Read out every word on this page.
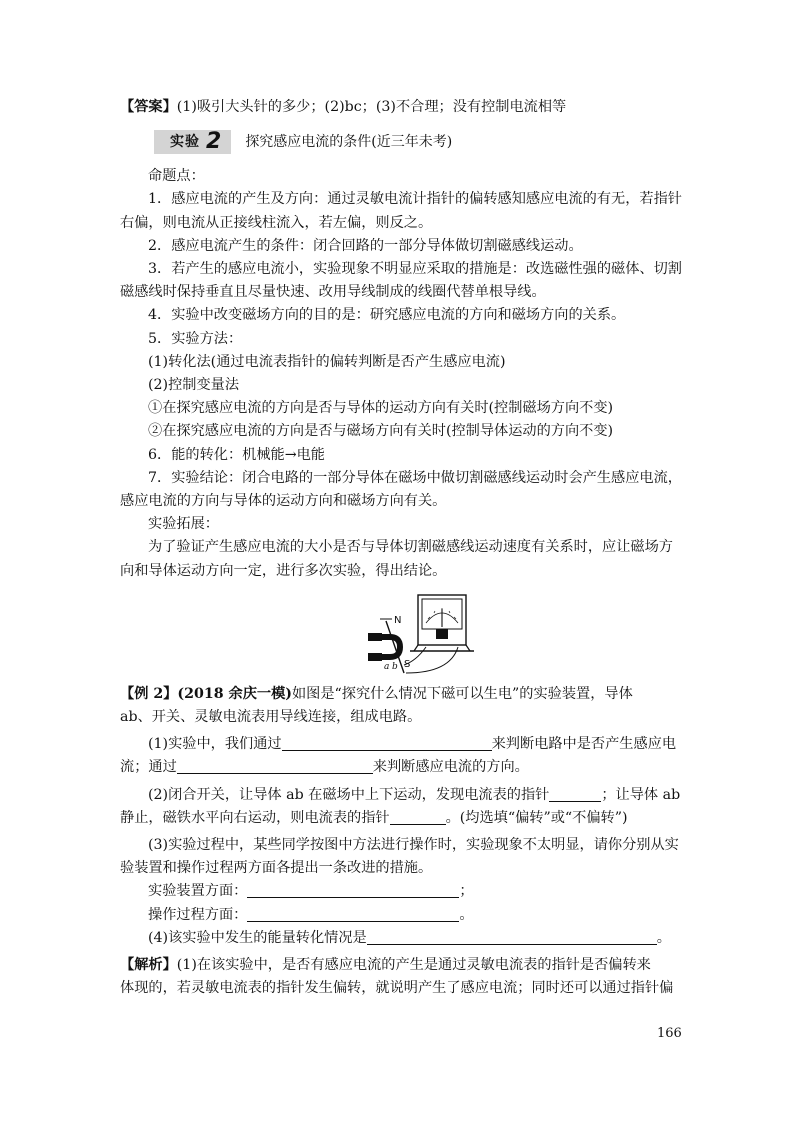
【答案】(1)吸引大头针的多少；(2)bc；(3)不合理；没有控制电流相等
实验 2 探究感应电流的条件(近三年未考)
命题点：
1．感应电流的产生及方向：通过灵敏电流计指针的偏转感知感应电流的有无，若指针
右偏，则电流从正接线柱流入，若左偏，则反之。
2．感应电流产生的条件：闭合回路的一部分导体做切割磁感线运动。
3．若产生的感应电流小，实验现象不明显应采取的措施是：改选磁性强的磁体、切割
磁感线时保持垂直且尽量快速、改用导线制成的线圈代替单根导线。
4．实验中改变磁场方向的目的是：研究感应电流的方向和磁场方向的关系。
5．实验方法：
(1)转化法(通过电流表指针的偏转判断是否产生感应电流)
(2)控制变量法
①在探究感应电流的方向是否与导体的运动方向有关时(控制磁场方向不变)
②在探究感应电流的方向是否与磁场方向有关时(控制导体运动的方向不变)
6．能的转化：机械能→电能
7．实验结论：闭合电路的一部分导体在磁场中做切割磁感线运动时会产生感应电流，
感应电流的方向与导体的运动方向和磁场方向有关。
实验拓展：
为了验证产生感应电流的大小是否与导体切割磁感线运动速度有关系时，应让磁场方
向和导体运动方向一定，进行多次实验，得出结论。
N
S
a b
【例 2】(2018 余庆一模)如图是“探究什么情况下磁可以生电”的实验装置，导体
ab、开关、灵敏电流表用导线连接，组成电路。
(1)实验中，我们通过	来判断电路中是否产生感应电
流；通过	来判断感应电流的方向。
(2)闭合开关，让导体 ab 在磁场中上下运动，发现电流表的指针	；让导体 ab
静止，磁铁水平向右运动，则电流表的指针	。(均选填“偏转”或“不偏转”)
(3)实验过程中，某些同学按图中方法进行操作时，实验现象不太明显，请你分别从实
验装置和操作过程两方面各提出一条改进的措施。
实验装置方面：	；
操作过程方面：	。
(4)该实验中发生的能量转化情况是	。
【解析】(1)在该实验中，是否有感应电流的产生是通过灵敏电流表的指针是否偏转来
体现的，若灵敏电流表的指针发生偏转，就说明产生了感应电流；同时还可以通过指针偏
166
